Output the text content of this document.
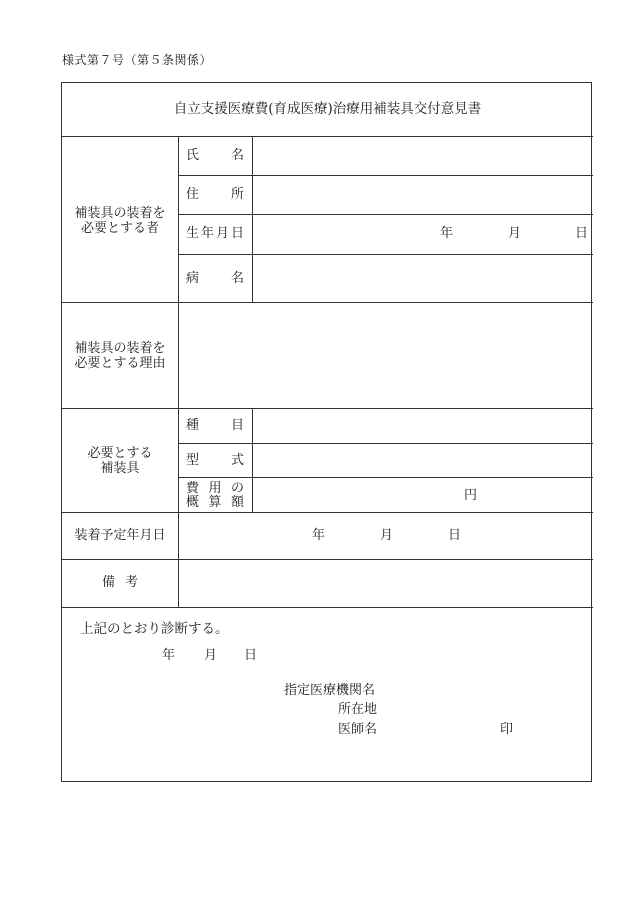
様式第７号（第５条関係）
自立支援医療費(育成医療)治療用補装具交付意見書
補装具の装着を
必要とする者
氏 名
住 所
生 年 月 日	年	月	日
病 名
補装具の装着を
必要とする理由
必要とする
補装具
種 目
型 式
費 用 の
概 算 額	円
装着予定年月日	年	月	日
備 考
上記のとおり診断する。
年 月 日
指定医療機関名
所在地
医師名	印
